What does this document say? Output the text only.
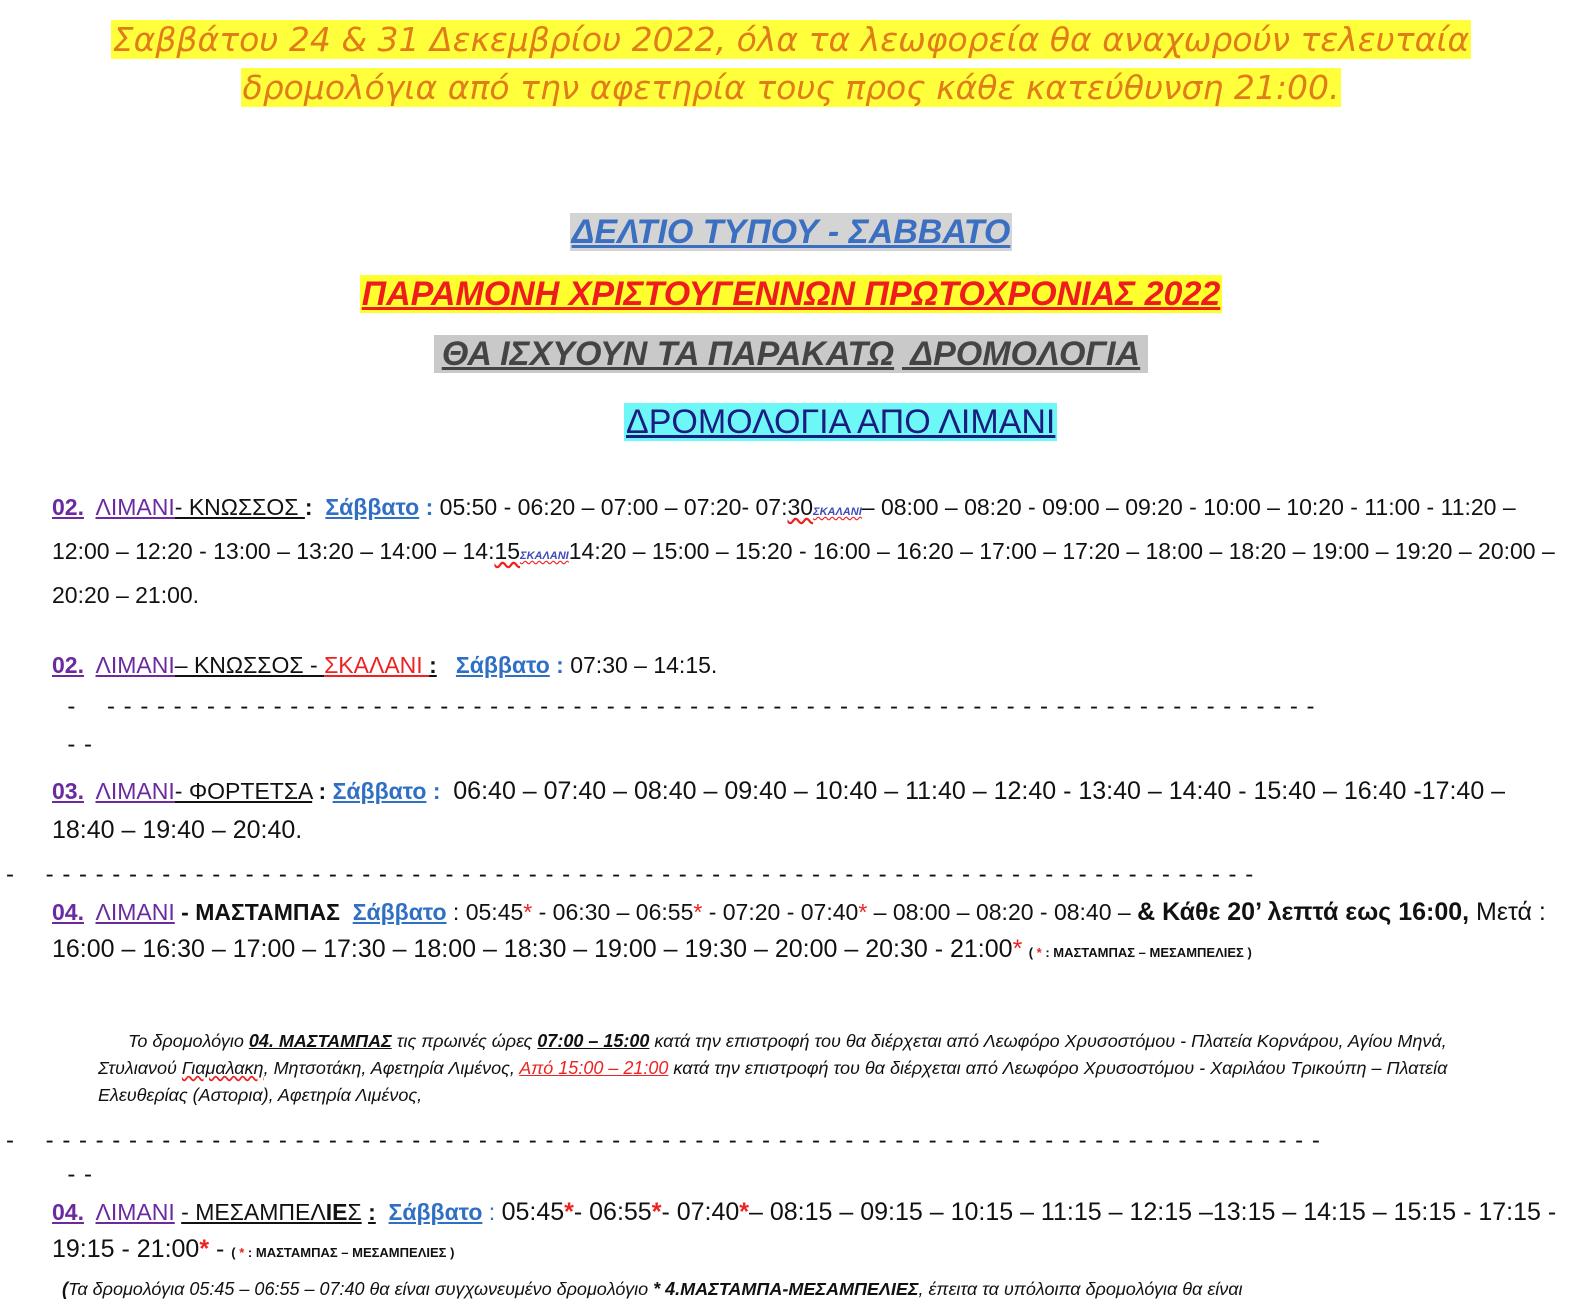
Σαββάτου 24 & 31 Δεκεμβρίου 2022, όλα τα λεωφορεία θα αναχωρούν τελευταία
δρομολόγια από την αφετηρία τους προς κάθε κατεύθυνση 21:00.
ΔΕΛΤΙΟ ΤΥΠΟΥ - ΣΑΒΒΑΤΟ
ΠΑΡΑΜΟΝΗ ΧΡΙΣΤΟΥΓΕΝΝΩΝ ΠΡΩΤΟΧΡΟΝΙΑΣ 2022
ΘΑ ΙΣΧΥΟΥΝ ΤΑ ΠΑΡΑΚΑΤΩ ΔΡΟΜΟΛΟΓΙΑ
ΔΡΟΜΟΛΟΓΙΑ ΑΠΟ ΛΙΜΑΝΙ
02. ΛΙΜΑΝΙ- ΚΝΩΣΣΟΣ : Σάββατο : 05:50 - 06:20 – 07:00 – 07:20- 07:30ΣΚΑΛΑΝΙ– 08:00 – 08:20 - 09:00 – 09:20 - 10:00 – 10:20 - 11:00 - 11:20 – 12:00 – 12:20 - 13:00 – 13:20 – 14:00 – 14:15ΣΚΑΛΑΝΙ14:20 – 15:00 – 15:20 - 16:00 – 16:20 – 17:00 – 17:20 – 18:00 – 18:20 – 19:00 – 19:20 – 20:00 – 20:20 – 21:00.
02. ΛΙΜΑΝΙ– ΚΝΩΣΣΟΣ - ΣΚΑΛΑΝΙ : Σάββατο : 07:30 – 14:15.
-    - - - - - - - - - - - - - - - - - - - - - - - - - - - - - - - - - - - - - - - - - - - - - - - - - - - - - - - - - - - - - - - - - - - - - - - - -
- -
03. ΛΙΜΑΝΙ- ΦΟΡΤΕΤΣΑ : Σάββατο : 06:40 – 07:40 – 08:40 – 09:40 – 10:40 – 11:40 – 12:40 - 13:40 – 14:40 - 15:40 – 16:40 -17:40 – 18:40 – 19:40 – 20:40.
-    - - - - - - - - - - - - - - - - - - - - - - - - - - - - - - - - - - - - - - - - - - - - - - - - - - - - - - - - - - - - - - - - - - - - - - - - -
04. ΛΙΜΑΝΙ - ΜΑΣΤΑΜΠΑΣ Σάββατο : 05:45* - 06:30 – 06:55* - 07:20 - 07:40* – 08:00 – 08:20 - 08:40 – & Κάθε 20’ λεπτά εως 16:00, Μετά : 16:00 – 16:30 – 17:00 – 17:30 – 18:00 – 18:30 – 19:00 – 19:30 – 20:00 – 20:30 - 21:00* ( * : ΜΑΣΤΑΜΠΑΣ – ΜΕΣΑΜΠΕΛΙΕΣ )
Το δρομολόγιο 04. ΜΑΣΤΑΜΠΑΣ τις πρωινές ώρες 07:00 – 15:00 κατά την επιστροφή του θα διέρχεται από Λεωφόρο Χρυσοστόμου - Πλατεία Κορνάρου, Αγίου Μηνά, Στυλιανού Γιαμαλακη, Μητσοτάκη, Αφετηρία Λιμένος, Από 15:00 – 21:00 κατά την επιστροφή του θα διέρχεται από Λεωφόρο Χρυσοστόμου - Χαριλάου Τρικούπη – Πλατεία Ελευθερίας (Αστορια), Αφετηρία Λιμένος,
-    - - - - - - - - - - - - - - - - - - - - - - - - - - - - - - - - - - - - - - - - - - - - - - - - - - - - - - - - - - - - - - - - - - - - - - - - - - - - -
- -
04. ΛΙΜΑΝΙ - ΜΕΣΑΜΠΕΛΙΕΣ : Σάββατο : 05:45*- 06:55*- 07:40*– 08:15 – 09:15 – 10:15 – 11:15 – 12:15 –13:15 – 14:15 – 15:15 - 17:15 - 19:15 - 21:00* - ( * : ΜΑΣΤΑΜΠΑΣ – ΜΕΣΑΜΠΕΛΙΕΣ )
(Τα δρομολόγια 05:45 – 06:55 – 07:40 θα είναι συγχωνευμένο δρομολόγιο * 4.ΜΑΣΤΑΜΠΑ-ΜΕΣΑΜΠΕΛΙΕΣ, έπειτα τα υπόλοιπα δρομολόγια θα είναι
